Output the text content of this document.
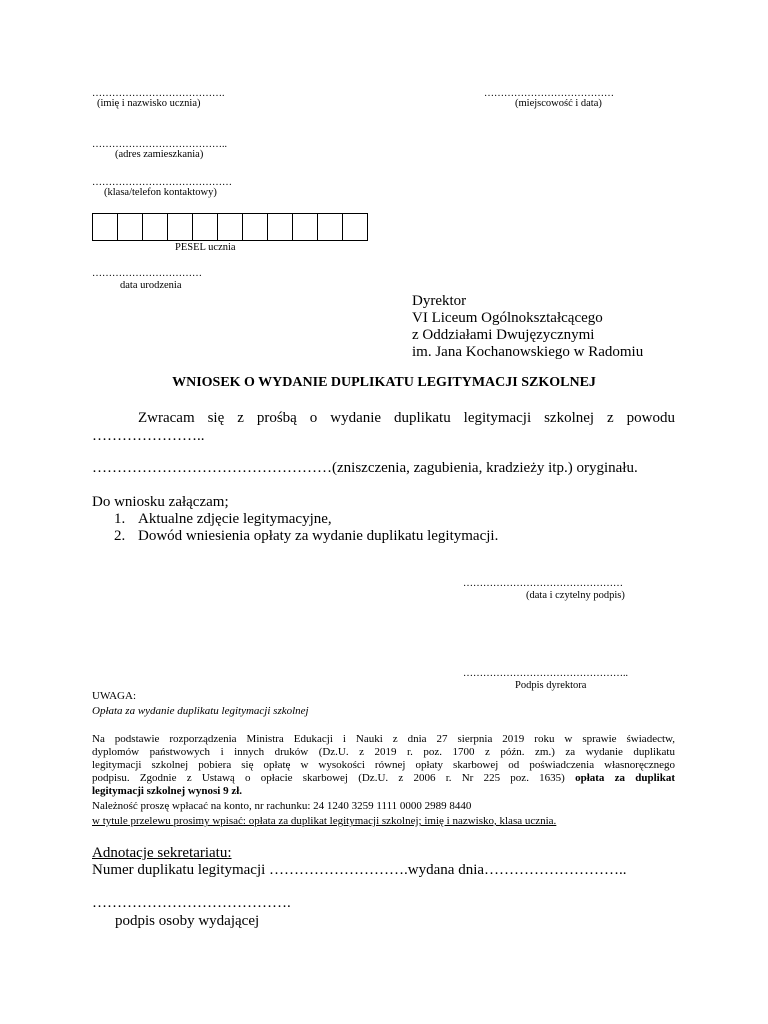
………………………………….
(imię i nazwisko ucznia)
…………………………………
(miejscowość i data)
…………………………………..
(adres zamieszkania)
……………………………………
(klasa/telefon kontaktowy)
PESEL ucznia
……………………………
data urodzenia
Dyrektor
VI Liceum Ogólnokształcącego
z Oddziałami Dwujęzycznymi
im. Jana Kochanowskiego w Radomiu
WNIOSEK O WYDANIE DUPLIKATU LEGITYMACJI SZKOLNEJ
Zwracam się z prośbą o wydanie duplikatu legitymacji szkolnej z powodu
…………………..
…………………………………………(zniszczenia, zagubienia, kradzieży itp.) oryginału.
Do wniosku załączam;
1. Aktualne zdjęcie legitymacyjne,
2. Dowód wniesienia opłaty za wydanie duplikatu legitymacji.
…………………………………………
(data i czytelny podpis)
…………………………………………..
Podpis dyrektora
UWAGA:
Opłata za wydanie duplikatu legitymacji szkolnej
Na podstawie rozporządzenia Ministra Edukacji i Nauki z dnia 27 sierpnia 2019 roku w sprawie świadectw,
dyplomów państwowych i innych druków (Dz.U. z 2019 r. poz. 1700 z późn. zm.) za wydanie duplikatu
legitymacji szkolnej pobiera się opłatę w wysokości równej opłaty skarbowej od poświadczenia własnoręcznego
podpisu. Zgodnie z Ustawą o opłacie skarbowej (Dz.U. z 2006 r. Nr 225 poz. 1635) opłata za duplikat
legitymacji szkolnej wynosi 9 zł.
Należność proszę wpłacać na konto, nr rachunku: 24 1240 3259 1111 0000 2989 8440
w tytule przelewu prosimy wpisać: opłata za duplikat legitymacji szkolnej; imię i nazwisko, klasa ucznia.
Adnotacje sekretariatu:
Numer duplikatu legitymacji ……………………….wydana dnia………………………..
………………………………….
podpis osoby wydającej
